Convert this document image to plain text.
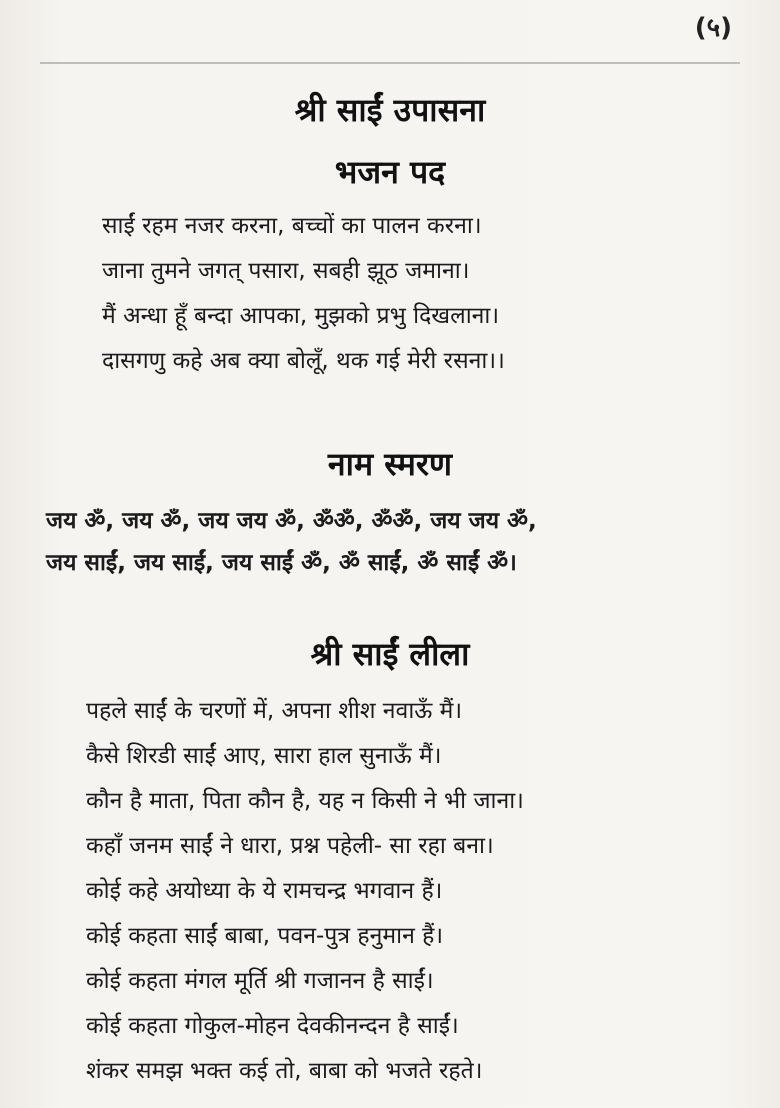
(५)
श्री साईं उपासना
भजन पद
साईं रहम नजर करना, बच्चों का पालन करना।
जाना तुमने जगत् पसारा, सबही झूठ जमाना।
मैं अन्धा हूँ बन्दा आपका, मुझको प्रभु दिखलाना।
दासगणु कहे अब क्या बोलूँ, थक गई मेरी रसना।।
नाम स्मरण
जय ॐ, जय ॐ, जय जय ॐ, ॐॐ, ॐॐ, जय जय ॐ,
जय साईं, जय साईं, जय साईं ॐ, ॐ साईं, ॐ साईं ॐ।
श्री साईं लीला
पहले साईं के चरणों में, अपना शीश नवाऊँ मैं।
कैसे शिरडी साईं आए, सारा हाल सुनाऊँ मैं।
कौन है माता, पिता कौन है, यह न किसी ने भी जाना।
कहाँ जनम साईं ने धारा, प्रश्न पहेली- सा रहा बना।
कोई कहे अयोध्या के ये रामचन्द्र भगवान हैं।
कोई कहता साईं बाबा, पवन-पुत्र हनुमान हैं।
कोई कहता मंगल मूर्ति श्री गजानन है साईं।
कोई कहता गोकुल-मोहन देवकीनन्दन है साईं।
शंकर समझ भक्त कई तो, बाबा को भजते रहते।
